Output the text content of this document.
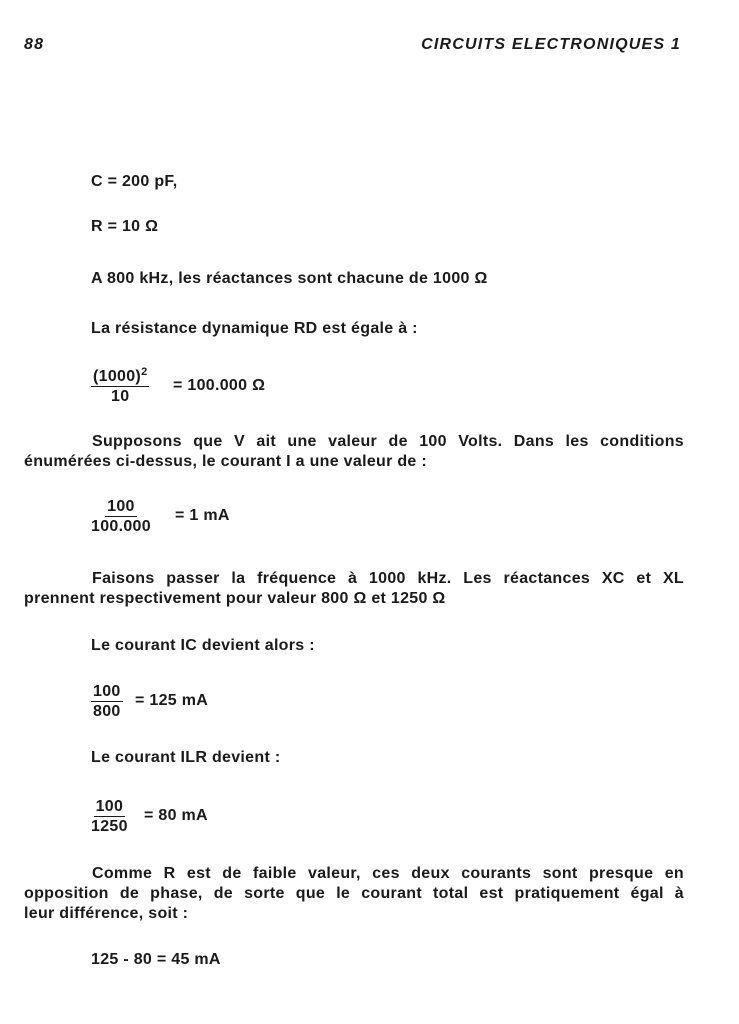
88	CIRCUITS ELECTRONIQUES 1
C = 200 pF,
R = 10 Ω
A 800 kHz, les réactances sont chacune de 1000 Ω
La résistance dynamique RD est égale à :
$\frac{(1000)^2}{10} = 100.000$ Ω
Supposons que V ait une valeur de 100 Volts. Dans les conditions
énumérées ci-dessus, le courant I a une valeur de :
$\frac{100}{100.000} = 1$ mA
Faisons passer la fréquence à 1000 kHz. Les réactances XC et XL
prennent respectivement pour valeur 800 Ω et 1250 Ω
Le courant IC devient alors :
$\frac{100}{800} = 125$ mA
Le courant ILR devient :
$\frac{100}{1250} = 80$ mA
Comme R est de faible valeur, ces deux courants sont presque en
opposition de phase, de sorte que le courant total est pratiquement égal à
leur différence, soit :
125 - 80 = 45 mA
